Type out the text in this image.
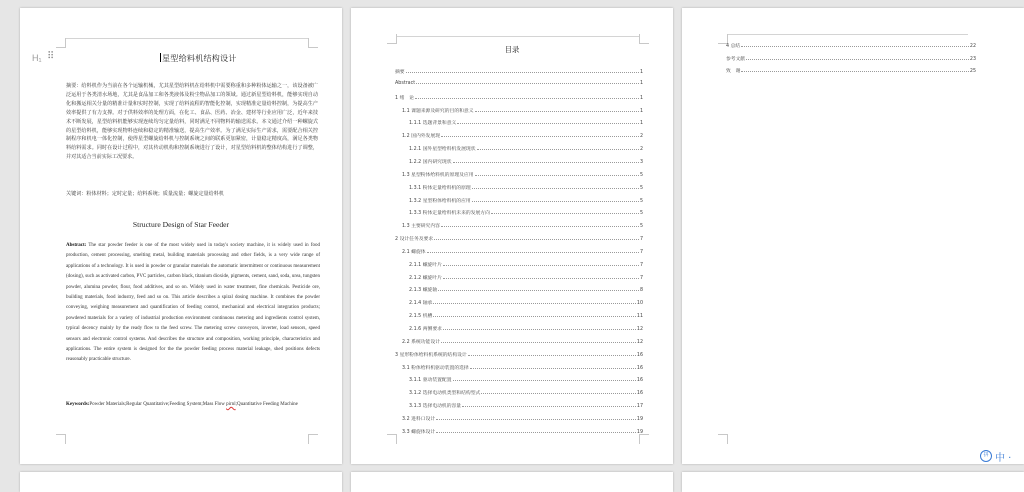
H₁ ⠿	星型给料机结构设计
摘要：给料机作为当前在各个运输机械，尤其星型给料机在给料机中需要称重和多种粉体运输之一，该设备被广泛运用于各类清水场地，尤其是食品加工和各类液体及粉尘物品加工的领域。通过新星型给料机，能够实现自动化和搬运相关分量的精准计量和实时控制，实现了给料流程的智能化控制，实现精准定量给料控制，为提高生产效率提供了有力支撑。对于供料效率的处理方面，在化工、食品、医药、冶金、建材等行业应用广泛，近年来技术不断发展，星型给料机能够实现连续均匀定量给料，同时满足不同物料的输送需求。本文通过介绍一种螺旋式的星型给料机，能够实现物料连续和稳定的精准输送，提高生产效率。为了满足实际生产需求，需要配合相关控制程序和机电一体化控制，使得星型螺旋给料机与控制系统之间的联系更加紧密，计量稳定精度高，满足各类物料给料需求。同时在设计过程中，对其传动机构和控制系统进行了设计，对星型给料机的整体结构进行了调整，并对其适合当前实际工况要求。
关键词：粉体材料；定时定量；给料系统；质量流量；螺旋定量给料机
Structure Design of Star Feeder
Abstract: The star powder feeder is one of the most widely used in today's society machine, it is widely used in food production, cement processing, smelting metal, building materials processing and other fields, is a very wide range of applications of a technology. It is used in powder or granular materials the automatic intermittent or continuous measurement (dosing), such as activated carbon, PVC particles, carbon black, titanium dioxide, pigments, cement, sand, soda, urea, tungsten powder, alumina powder, flour, food additives, and so on. Widely used in water treatment, fine chemicals. Pesticide ore, building materials, food industry, feed and so on. This article describes a spiral dosing machine. It combines the powder conveying, weighing measurement and quantification of feeding control, mechanical and electrical integration products; powdered materials for a variety of industrial production environment continuous metering and ingredients control system, typical decency mainly by the ready flow to the feed screw. The metering screw conveyors, inverter, load sensors, speed sensors and electronic control systems. And describes the structure and composition, working principle, characteristics and applications. The entire system is designed for the the powder feeding process material leakage, shed positions defects reasonably practicable structure.
Keywords:Powder Materials;Regular Quantitative;Feeding System;Mass Flow pirnl;Quantitative Feeding Machine
目录
摘要	1
Abstract	1
1 绪　论	1
1.1 课题来源及研究的目的和意义	1
1.1.1 选题背景和意义	1
1.2 国内外发展现	2
1.2.1 国外星型给料机发展现状	2
1.2.2 国内研究现状	3
1.3 星型粉体给料机的原理及应用	5
1.3.1 粉体定量给料机的原理	5
1.3.2 星型粉体给料机的应用	5
1.3.3 粉体定量给料机未来的发展方向	5
1.3 主要研究内容	5
2 设计任务及要求	7
2.1 螺旋体	7
2.1.1 螺旋叶片	7
2.1.2 螺旋叶片	7
2.1.3 螺旋轴	8
2.1.4 轴承	10
2.1.5 机槽	11
2.1.6 两侧要求	12
2.2 系统功能设计	12
3 星形粉体给料机系统的结构设计	16
3.1 粉体给料机驱动装置的选择	16
3.1.1 驱动装置配置	16
3.1.2 选择电动机类型和结构型式	16
3.1.3 选择电动机的容量	17
3.2 进料口设计	19
3.3 螺旋体设计	19
4 总结	22
参考文献	23
致　谢	25
拼 中 ·
